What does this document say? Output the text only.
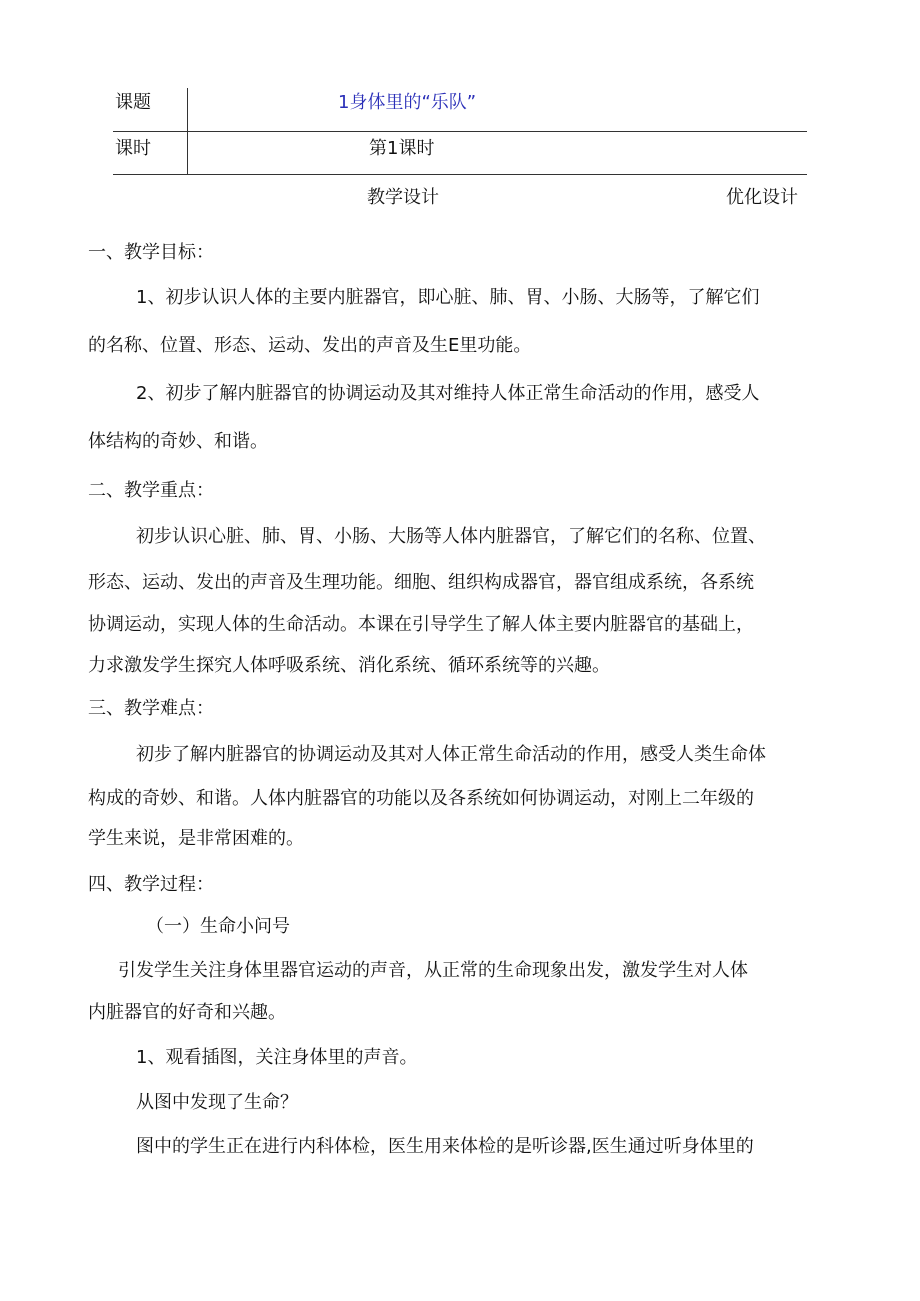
课题	1身体里的“乐队”
课时	第1课时
教学设计	优化设计
一、教学目标：
1、初步认识人体的主要内脏器官，即心脏、肺、胃、小肠、大肠等，了解它们
的名称、位置、形态、运动、发出的声音及生E里功能。
2、初步了解内脏器官的协调运动及其对维持人体正常生命活动的作用，感受人
体结构的奇妙、和谐。
二、教学重点：
初步认识心脏、肺、胃、小肠、大肠等人体内脏器官，了解它们的名称、位置、
形态、运动、发出的声音及生理功能。细胞、组织构成器官，器官组成系统，各系统
协调运动，实现人体的生命活动。本课在引导学生了解人体主要内脏器官的基础上，
力求激发学生探究人体呼吸系统、消化系统、循环系统等的兴趣。
三、教学难点：
初步了解内脏器官的协调运动及其对人体正常生命活动的作用，感受人类生命体
构成的奇妙、和谐。人体内脏器官的功能以及各系统如何协调运动，对刚上二年级的
学生来说，是非常困难的。
四、教学过程：
（一）生命小问号
引发学生关注身体里器官运动的声音，从正常的生命现象出发，激发学生对人体
内脏器官的好奇和兴趣。
1、观看插图，关注身体里的声音。
从图中发现了生命？
图中的学生正在进行内科体检，医生用来体检的是听诊器,医生通过听身体里的
